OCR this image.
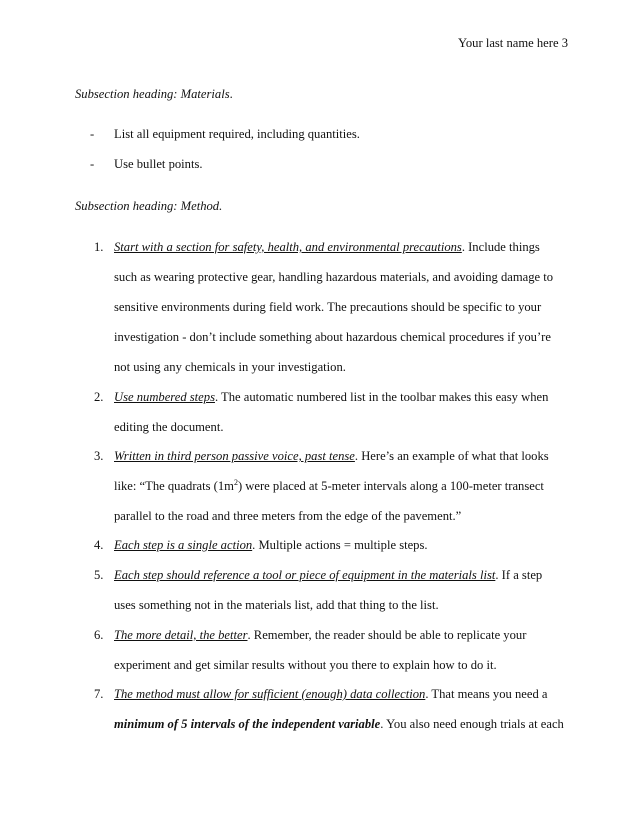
Your last name here 3
Subsection heading: Materials.
- List all equipment required, including quantities.
- Use bullet points.
Subsection heading: Method.
1. Start with a section for safety, health, and environmental precautions. Include things
such as wearing protective gear, handling hazardous materials, and avoiding damage to
sensitive environments during field work. The precautions should be specific to your
investigation - don’t include something about hazardous chemical procedures if you’re
not using any chemicals in your investigation.
2. Use numbered steps. The automatic numbered list in the toolbar makes this easy when
editing the document.
3. Written in third person passive voice, past tense. Here’s an example of what that looks
like: “The quadrats $(1m^2)$ were placed at 5-meter intervals along a 100-meter transect
parallel to the road and three meters from the edge of the pavement.”
4. Each step is a single action. Multiple actions = multiple steps.
5. Each step should reference a tool or piece of equipment in the materials list. If a step
uses something not in the materials list, add that thing to the list.
6. The more detail, the better. Remember, the reader should be able to replicate your
experiment and get similar results without you there to explain how to do it.
7. The method must allow for sufficient (enough) data collection. That means you need a
minimum of 5 intervals of the independent variable. You also need enough trials at each
